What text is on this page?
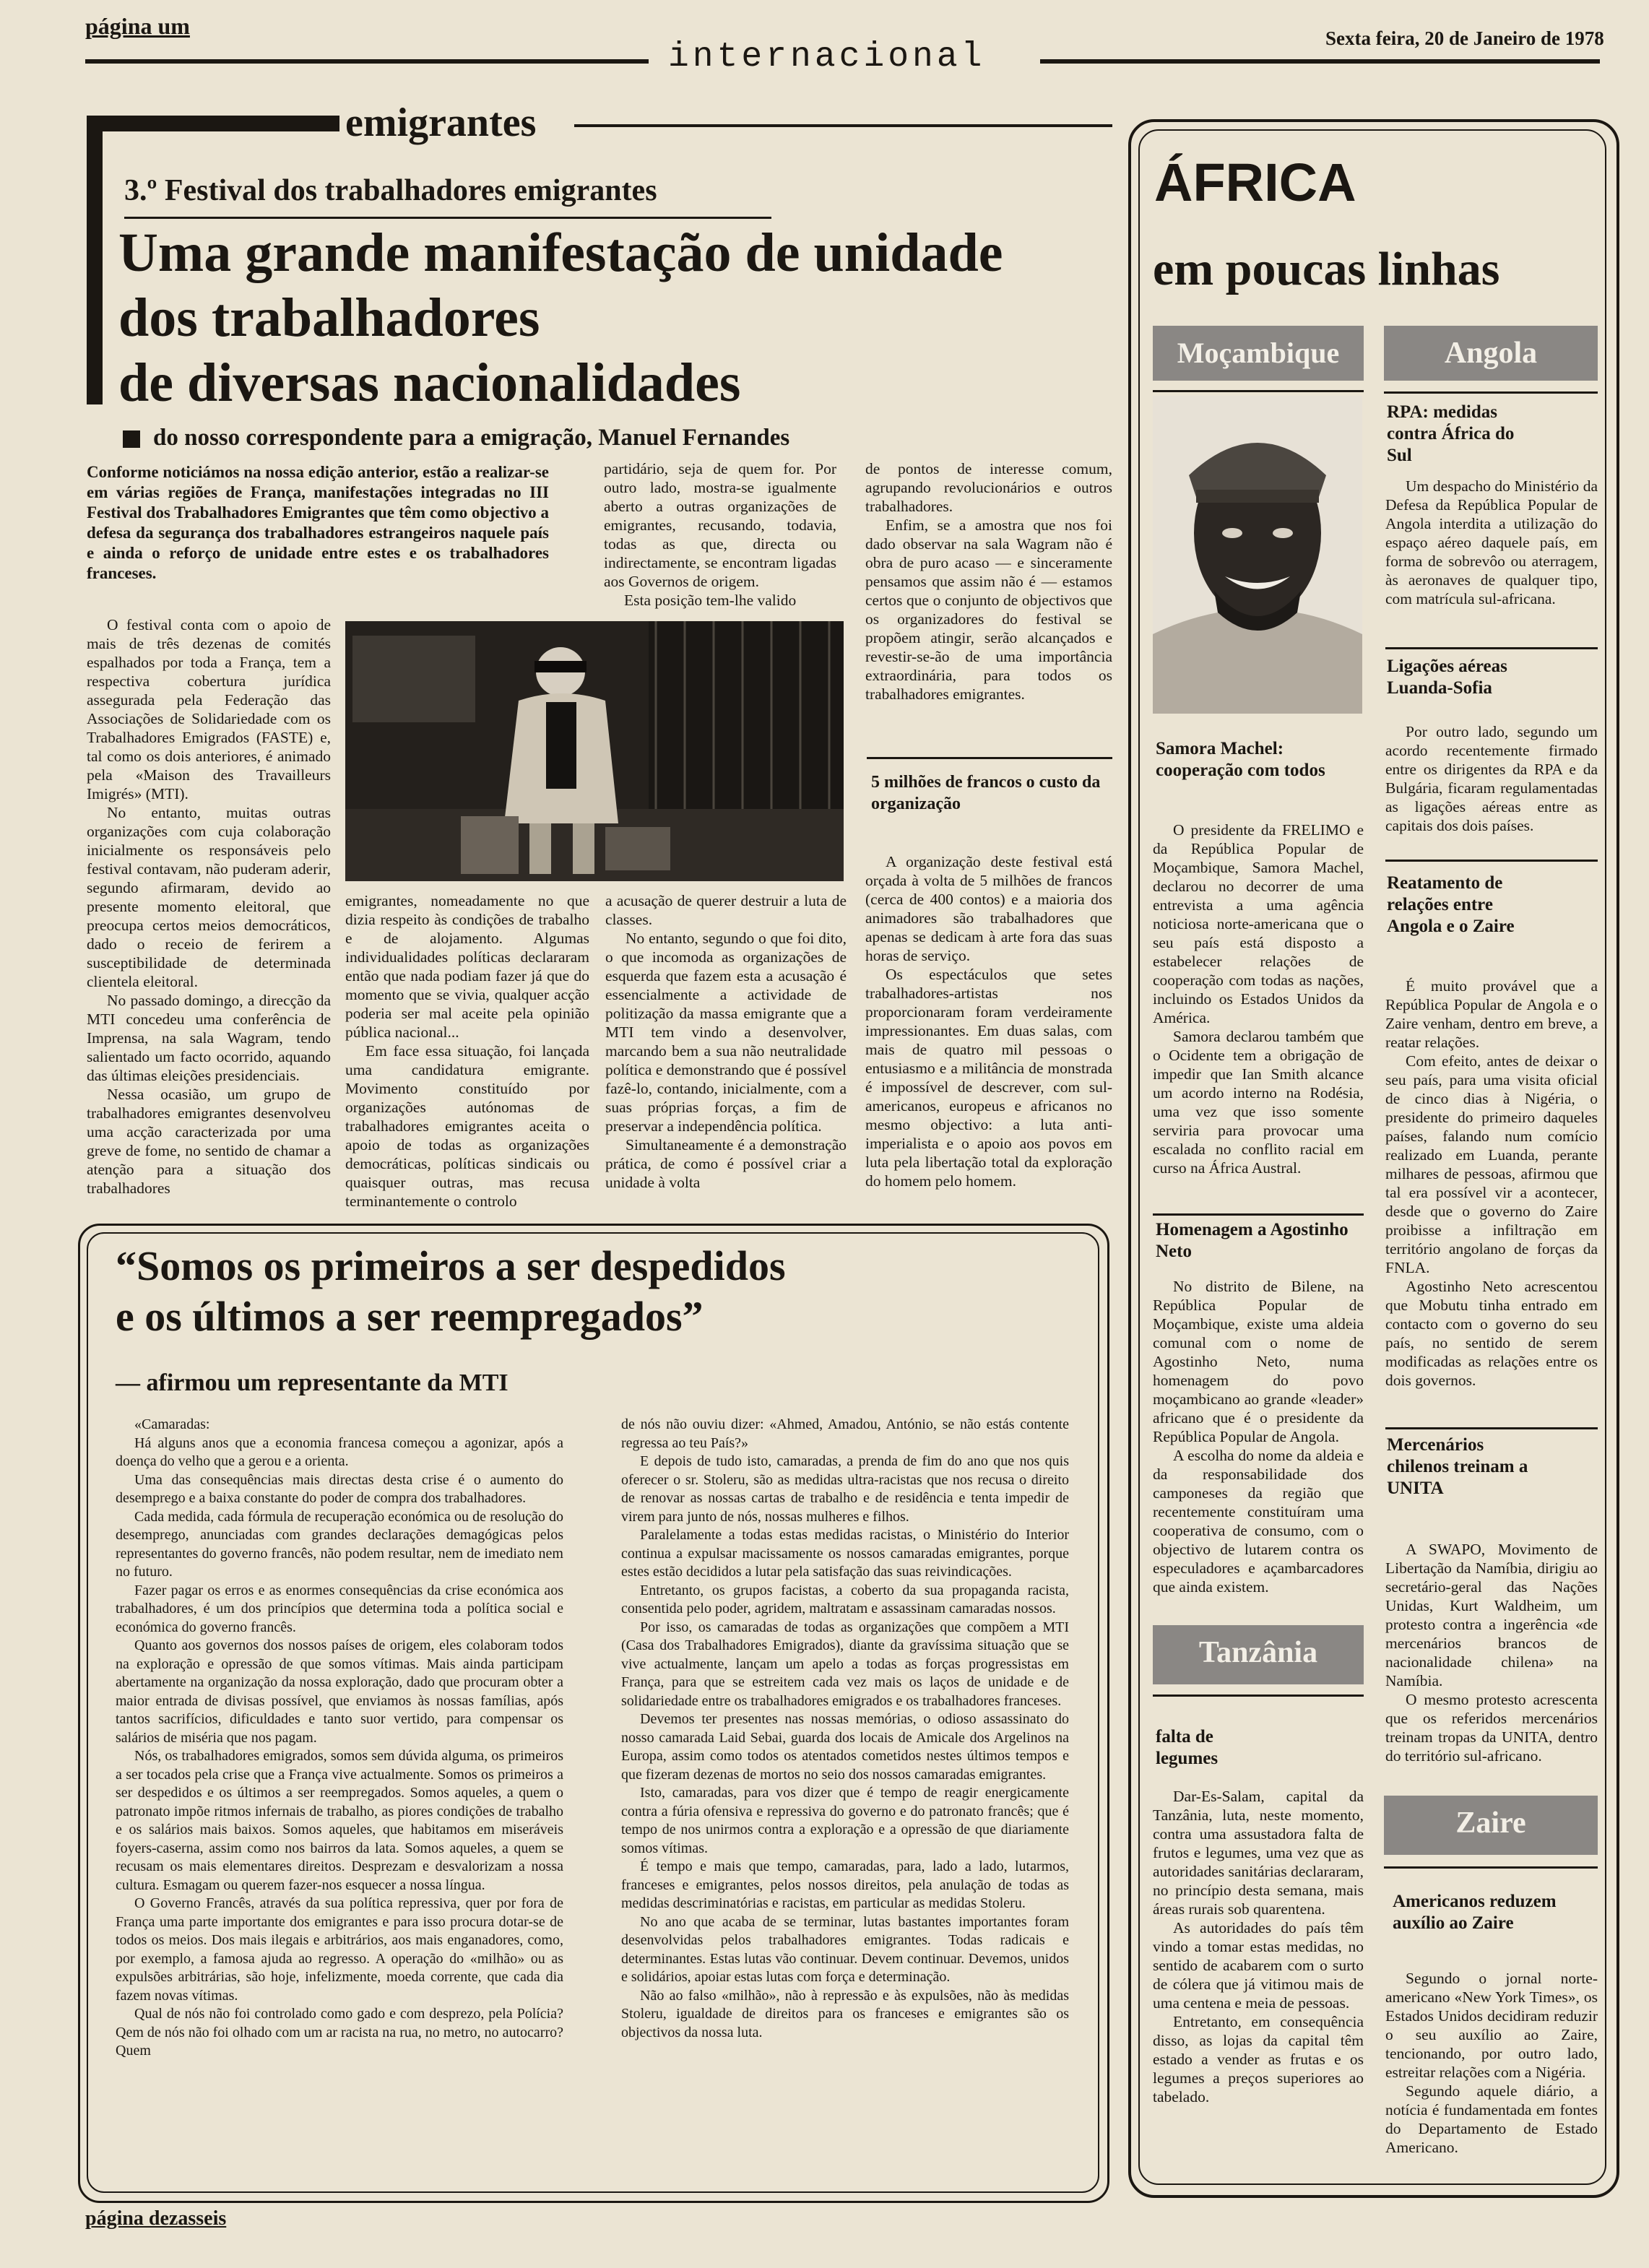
página um	Sexta feira, 20 de Janeiro de 1978
internacional
emigrantes
3.º Festival dos trabalhadores emigrantes
Uma grande manifestação de unidade
dos trabalhadores
de diversas nacionalidades
do nosso correspondente para a emigração, Manuel Fernandes
Conforme noticiámos na nossa edição anterior, estão a realizar-se em várias regiões de França, manifestações integradas no III Festival dos Trabalhadores Emigrantes que têm como objectivo a defesa da segurança dos trabalhadores estrangeiros naquele país e ainda o reforço de unidade entre estes e os trabalhadores franceses.

O festival conta com o apoio de mais de três dezenas de comités espalhados por toda a França, tem a respectiva cobertura jurídica assegurada pela Federação das Associações de Solidariedade com os Trabalhadores Emigrados (FASTE) e, tal como os dois anteriores, é animado pela «Maison des Travailleurs Imigrés» (MTI).

No entanto, muitas outras organizações com cuja colaboração inicialmente os responsáveis pelo festival contavam, não puderam aderir, segundo afirmaram, devido ao presente momento eleitoral, que preocupa certos meios democráticos, dado o receio de ferirem a susceptibilidade de determinada clientela eleitoral.

No passado domingo, a direcção da MTI concedeu uma conferência de Imprensa, na sala Wagram, tendo salientado um facto ocorrido, aquando das últimas eleições presidenciais.

Nessa ocasião, um grupo de trabalhadores emigrantes desenvolveu uma acção caracterizada por uma greve de fome, no sentido de chamar a atenção para a situação dos trabalhadores

partidário, seja de quem for. Por outro lado, mostra-se igualmente aberto a outras organizações de emigrantes, recusando, todavia, todas as que, directa ou indirectamente, se encontram ligadas aos Governos de origem.

Esta posição tem-lhe valido

emigrantes, nomeadamente no que dizia respeito às condições de trabalho e de alojamento. Algumas individualidades políticas declararam então que nada podiam fazer já que do momento que se vivia, qualquer acção poderia ser mal aceite pela opinião pública nacional...

Em face essa situação, foi lançada uma candidatura emigrante. Movimento constituído por organizações autónomas de trabalhadores emigrantes aceita o apoio de todas as organizações democráticas, políticas sindicais ou quaisquer outras, mas recusa terminantemente o controlo

a acusação de querer destruir a luta de classes.

No entanto, segundo o que foi dito, o que incomoda as organizações de esquerda que fazem esta a acusação é essencialmente a actividade de politização da massa emigrante que a MTI tem vindo a desenvolver, marcando bem a sua não neutralidade política e demonstrando que é possível fazê-lo, contando, inicialmente, com a suas próprias forças, a fim de preservar a independência política.

Simultaneamente é a demonstração prática, de como é possível criar a unidade à volta

de pontos de interesse comum, agrupando revolucionários e outros trabalhadores.

Enfim, se a amostra que nos foi dado observar na sala Wagram não é obra de puro acaso — e sinceramente pensamos que assim não é — estamos certos que o conjunto de objectivos que os organizadores do festival se propõem atingir, serão alcançados e revestir-se-ão de uma importância extraordinária, para todos os trabalhadores emigrantes.

5 milhões de francos o custo da organização

A organização deste festival está orçada à volta de 5 milhões de francos (cerca de 400 contos) e a maioria dos animadores são trabalhadores que apenas se dedicam à arte fora das suas horas de serviço.

Os espectáculos que setes trabalhadores-artistas nos proporcionaram foram verdeiramente impressionantes. Em duas salas, com mais de quatro mil pessoas o entusiasmo e a militância de monstrada é impossível de descrever, com sul-americanos, europeus e africanos no mesmo objectivo: a luta anti-imperialista e o apoio aos povos em luta pela libertação total da exploração do homem pelo homem.

“Somos os primeiros a ser despedidos
e os últimos a ser reempregados”
— afirmou um representante da MTI

«Camaradas:

Há alguns anos que a economia francesa começou a agonizar, após a doença do velho que a gerou e a orienta.

Uma das consequências mais directas desta crise é o aumento do desemprego e a baixa constante do poder de compra dos trabalhadores.

Cada medida, cada fórmula de recuperação económica ou de resolução do desemprego, anunciadas com grandes declarações demagógicas pelos representantes do governo francês, não podem resultar, nem de imediato nem no futuro.

Fazer pagar os erros e as enormes consequências da crise económica aos trabalhadores, é um dos princípios que determina toda a política social e económica do governo francês.

Quanto aos governos dos nossos países de origem, eles colaboram todos na exploração e opressão de que somos vítimas. Mais ainda participam abertamente na organização da nossa exploração, dado que procuram obter a maior entrada de divisas possível, que enviamos às nossas famílias, após tantos sacrifícios, dificuldades e tanto suor vertido, para compensar os salários de miséria que nos pagam.

Nós, os trabalhadores emigrados, somos sem dúvida alguma, os primeiros a ser tocados pela crise que a França vive actualmente. Somos os primeiros a ser despedidos e os últimos a ser reempregados. Somos aqueles, a quem o patronato impõe ritmos infernais de trabalho, as piores condições de trabalho e os salários mais baixos. Somos aqueles, que habitamos em miseráveis foyers-caserna, assim como nos bairros da lata. Somos aqueles, a quem se recusam os mais elementares direitos. Desprezam e desvalorizam a nossa cultura. Esmagam ou querem fazer-nos esquecer a nossa língua.

O Governo Francês, através da sua política repressiva, quer por fora de França uma parte importante dos emigrantes e para isso procura dotar-se de todos os meios. Dos mais ilegais e arbitrários, aos mais enganadores, como, por exemplo, a famosa ajuda ao regresso. A operação do «milhão» ou as expulsões arbitrárias, são hoje, infelizmente, moeda corrente, que cada dia fazem novas vítimas.

Qual de nós não foi controlado como gado e com desprezo, pela Polícia? Qem de nós não foi olhado com um ar racista na rua, no metro, no autocarro? Quem

de nós não ouviu dizer: «Ahmed, Amadou, António, se não estás contente regressa ao teu País?»

E depois de tudo isto, camaradas, a prenda de fim do ano que nos quis oferecer o sr. Stoleru, são as medidas ultra-racistas que nos recusa o direito de renovar as nossas cartas de trabalho e de residência e tenta impedir de virem para junto de nós, nossas mulheres e filhos.

Paralelamente a todas estas medidas racistas, o Ministério do Interior continua a expulsar macissamente os nossos camaradas emigrantes, porque estes estão decididos a lutar pela satisfação das suas reivindicações.

Entretanto, os grupos facistas, a coberto da sua propaganda racista, consentida pelo poder, agridem, maltratam e assassinam camaradas nossos.

Por isso, os camaradas de todas as organizações que compõem a MTI (Casa dos Trabalhadores Emigrados), diante da gravíssima situação que se vive actualmente, lançam um apelo a todas as forças progressistas em França, para que se estreitem cada vez mais os laços de unidade e de solidariedade entre os trabalhadores emigrados e os trabalhadores franceses.

Devemos ter presentes nas nossas memórias, o odioso assassinato do nosso camarada Laid Sebai, guarda dos locais de Amicale dos Argelinos na Europa, assim como todos os atentados cometidos nestes últimos tempos e que fizeram dezenas de mortos no seio dos nossos camaradas emigrantes.

Isto, camaradas, para vos dizer que é tempo de reagir energicamente contra a fúria ofensiva e repressiva do governo e do patronato francês; que é tempo de nos unirmos contra a exploração e a opressão de que diariamente somos vítimas.

É tempo e mais que tempo, camaradas, para, lado a lado, lutarmos, franceses e emigrantes, pelos nossos direitos, pela anulação de todas as medidas descriminatórias e racistas, em particular as medidas Stoleru.

No ano que acaba de se terminar, lutas bastantes importantes foram desenvolvidas pelos trabalhadores emigrantes. Todas radicais e determinantes. Estas lutas vão continuar. Devem continuar. Devemos, unidos e solidários, apoiar estas lutas com força e determinação.

Não ao falso «milhão», não à repressão e às expulsões, não às medidas Stoleru, igualdade de direitos para os franceses e emigrantes são os objectivos da nossa luta.

página dezasseis
ÁFRICA
em poucas linhas
Moçambique
Samora Machel: cooperação com todos

O presidente da FRELIMO e da República Popular de Moçambique, Samora Machel, declarou no decorrer de uma entrevista a uma agência noticiosa norte-americana que o seu país está disposto a estabelecer relações de cooperação com todas as nações, incluindo os Estados Unidos da América.

Samora declarou também que o Ocidente tem a obrigação de impedir que Ian Smith alcance um acordo interno na Rodésia, uma vez que isso somente serviria para provocar uma escalada no conflito racial em curso na África Austral.

Homenagem a Agostinho Neto

No distrito de Bilene, na República Popular de Moçambique, existe uma aldeia comunal com o nome de Agostinho Neto, numa homenagem do povo moçambicano ao grande «leader» africano que é o presidente da República Popular de Angola.

A escolha do nome da aldeia e da responsabilidade dos camponeses da região que recentemente constituíram uma cooperativa de consumo, com o objectivo de lutarem contra os especuladores e açambarcadores que ainda existem.

Tanzânia
falta de legumes

Dar-Es-Salam, capital da Tanzânia, luta, neste momento, contra uma assustadora falta de frutos e legumes, uma vez que as autoridades sanitárias declararam, no princípio desta semana, mais áreas rurais sob quarentena.

As autoridades do país têm vindo a tomar estas medidas, no sentido de acabarem com o surto de cólera que já vitimou mais de uma centena e meia de pessoas.

Entretanto, em consequência disso, as lojas da capital têm estado a vender as frutas e os legumes a preços superiores ao tabelado.

Angola
RPA: medidas contra África do Sul

Um despacho do Ministério da Defesa da República Popular de Angola interdita a utilização do espaço aéreo daquele país, em forma de sobrevôo ou aterragem, às aeronaves de qualquer tipo, com matrícula sul-africana.

Ligações aéreas Luanda-Sofia

Por outro lado, segundo um acordo recentemente firmado entre os dirigentes da RPA e da Bulgária, ficaram regulamentadas as ligações aéreas entre as capitais dos dois países.

Reatamento de relações entre Angola e o Zaire

É muito provável que a República Popular de Angola e o Zaire venham, dentro em breve, a reatar relações.

Com efeito, antes de deixar o seu país, para uma visita oficial de cinco dias à Nigéria, o presidente do primeiro daqueles países, falando num comício realizado em Luanda, perante milhares de pessoas, afirmou que tal era possível vir a acontecer, desde que o governo do Zaire proibisse a infiltração em território angolano de forças da FNLA.

Agostinho Neto acrescentou que Mobutu tinha entrado em contacto com o governo do seu país, no sentido de serem modificadas as relações entre os dois governos.

Mercenários chilenos treinam a UNITA

A SWAPO, Movimento de Libertação da Namíbia, dirigiu ao secretário-geral das Nações Unidas, Kurt Waldheim, um protesto contra a ingerência «de mercenários brancos de nacionalidade chilena» na Namíbia.

O mesmo protesto acrescenta que os referidos mercenários treinam tropas da UNITA, dentro do território sul-africano.

Zaire
Americanos reduzem auxílio ao Zaire

Segundo o jornal norte-americano «New York Times», os Estados Unidos decidiram reduzir o seu auxílio ao Zaire, tencionando, por outro lado, estreitar relações com a Nigéria.

Segundo aquele diário, a notícia é fundamentada em fontes do Departamento de Estado Americano.
